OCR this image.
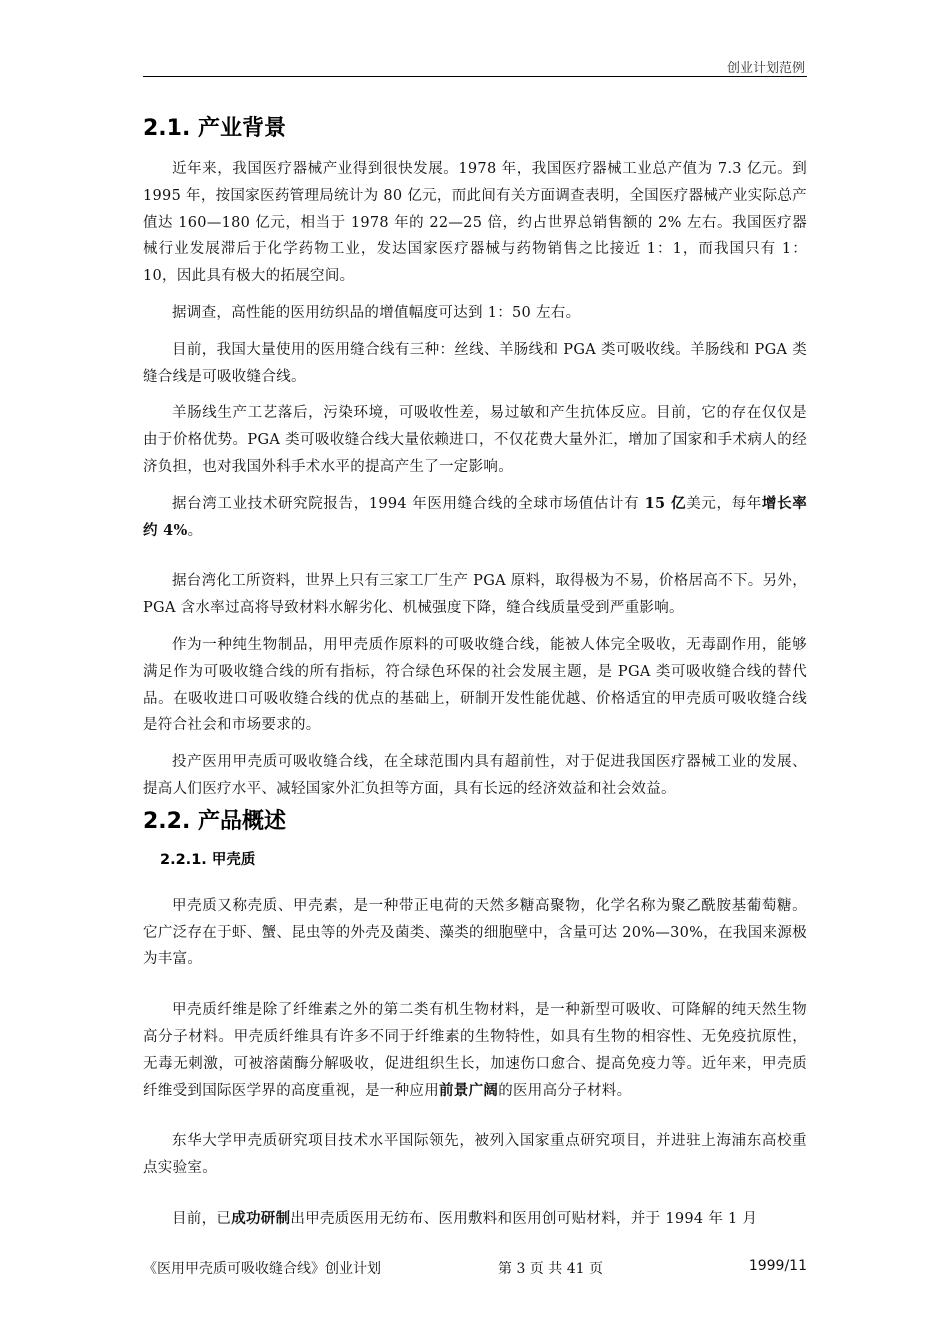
创业计划范例
2.1. 产业背景

近年来，我国医疗器械产业得到很快发展。1978 年，我国医疗器械工业总产值为 7.3 亿元。到 1995 年，按国家医药管理局统计为 80 亿元，而此间有关方面调查表明，全国医疗器械产业实际总产值达 160—180 亿元，相当于 1978 年的 22—25 倍，约占世界总销售额的 2% 左右。我国医疗器械行业发展滞后于化学药物工业，发达国家医疗器械与药物销售之比接近 1：1，而我国只有 1：10，因此具有极大的拓展空间。

据调查，高性能的医用纺织品的增值幅度可达到 1：50 左右。

目前，我国大量使用的医用缝合线有三种：丝线、羊肠线和 PGA 类可吸收线。羊肠线和 PGA 类缝合线是可吸收缝合线。

羊肠线生产工艺落后，污染环境，可吸收性差，易过敏和产生抗体反应。目前，它的存在仅仅是由于价格优势。PGA 类可吸收缝合线大量依赖进口，不仅花费大量外汇，增加了国家和手术病人的经济负担，也对我国外科手术水平的提高产生了一定影响。

据台湾工业技术研究院报告，1994 年医用缝合线的全球市场值估计有 15 亿美元，每年增长率约 4%。

据台湾化工所资料，世界上只有三家工厂生产 PGA 原料，取得极为不易，价格居高不下。另外，PGA 含水率过高将导致材料水解劣化、机械强度下降，缝合线质量受到严重影响。

作为一种纯生物制品，用甲壳质作原料的可吸收缝合线，能被人体完全吸收，无毒副作用，能够满足作为可吸收缝合线的所有指标，符合绿色环保的社会发展主题，是 PGA 类可吸收缝合线的替代品。在吸收进口可吸收缝合线的优点的基础上，研制开发性能优越、价格适宜的甲壳质可吸收缝合线是符合社会和市场要求的。

投产医用甲壳质可吸收缝合线，在全球范围内具有超前性，对于促进我国医疗器械工业的发展、提高人们医疗水平、减轻国家外汇负担等方面，具有长远的经济效益和社会效益。

2.2. 产品概述
2.2.1. 甲壳质

甲壳质又称壳质、甲壳素，是一种带正电荷的天然多糖高聚物，化学名称为聚乙酰胺基葡萄糖。它广泛存在于虾、蟹、昆虫等的外壳及菌类、藻类的细胞壁中，含量可达 20%—30%，在我国来源极为丰富。

甲壳质纤维是除了纤维素之外的第二类有机生物材料，是一种新型可吸收、可降解的纯天然生物高分子材料。甲壳质纤维具有许多不同于纤维素的生物特性，如具有生物的相容性、无免疫抗原性，无毒无刺激，可被溶菌酶分解吸收，促进组织生长，加速伤口愈合、提高免疫力等。近年来，甲壳质纤维受到国际医学界的高度重视，是一种应用前景广阔的医用高分子材料。

东华大学甲壳质研究项目技术水平国际领先，被列入国家重点研究项目，并进驻上海浦东高校重点实验室。

目前，已成功研制出甲壳质医用无纺布、医用敷料和医用创可贴材料，并于 1994 年 1 月

《医用甲壳质可吸收缝合线》创业计划	第 3 页 共 41 页	1999/11
